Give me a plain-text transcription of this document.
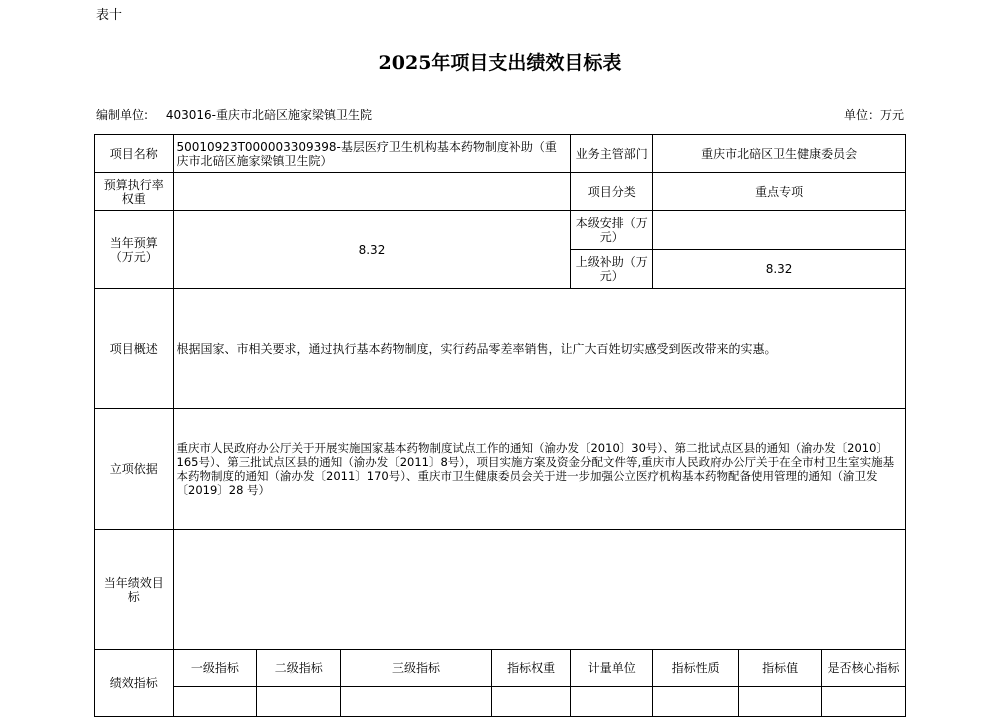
表十
2025年项目支出绩效目标表
编制单位: 403016-重庆市北碚区施家梁镇卫生院	单位：万元
项目名称	50010923T000003309398-基层医疗卫生机构基本药物制度补助（重庆市北碚区施家梁镇卫生院）				业务主管部门	重庆市北碚区卫生健康委员会		
预算执行率权重					项目分类	重点专项		
当年预算（万元）	8.32				本级安排（万元）			
					上级补助（万元）	8.32		
项目概述	根据国家、市相关要求，通过执行基本药物制度，实行药品零差率销售，让广大百姓切实感受到医改带来的实惠。							
立项依据	重庆市人民政府办公厅关于开展实施国家基本药物制度试点工作的通知（渝办发〔2010〕30号）、第二批试点区县的通知（渝办发〔2010〕165号）、第三批试点区县的通知（渝办发〔2011〕8号），项目实施方案及资金分配文件等,重庆市人民政府办公厅关于在全市村卫生室实施基本药物制度的通知（渝办发〔2011〕170号）、重庆市卫生健康委员会关于进一步加强公立医疗机构基本药物配备使用管理的通知（渝卫发〔2019〕28 号）							
当年绩效目标								
绩效指标	一级指标	二级指标	三级指标	指标权重	计量单位	指标性质	指标值	是否核心指标
